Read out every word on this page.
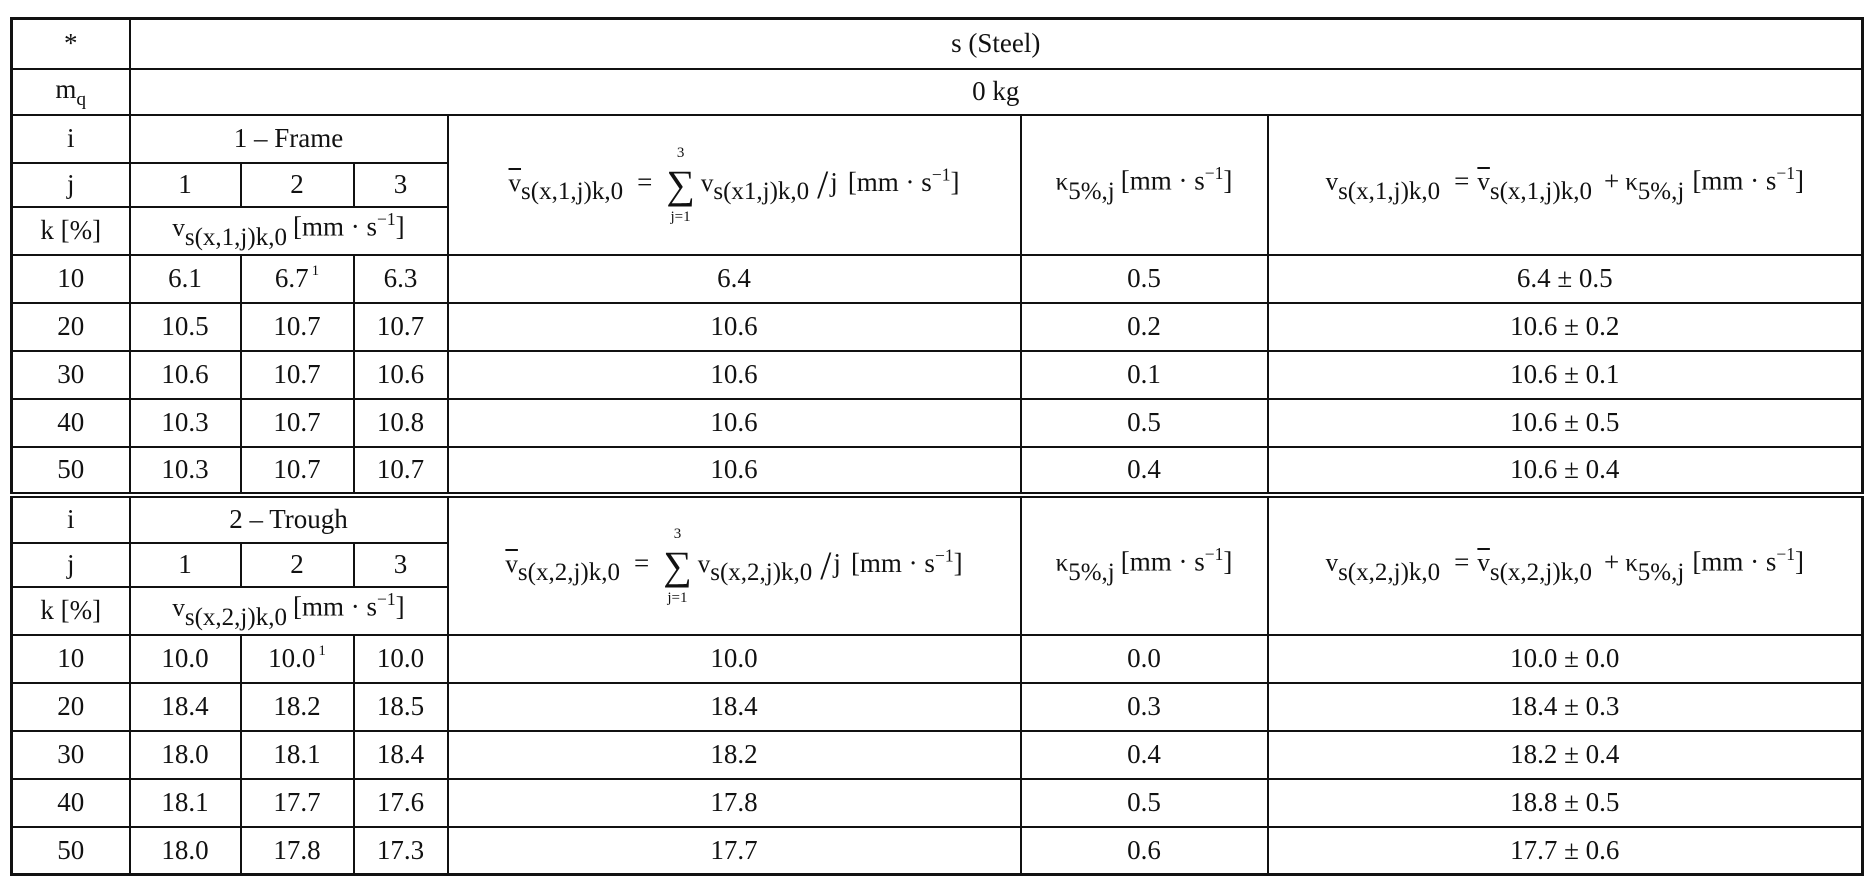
*	s (Steel)					
$m_q$	0 kg					
i	1 – Frame			$\overline{v}_{s(x,1,j)k,0}$ =
3
∑
j=1
$v_{s(x1,j)k,0}$ /j $[mm \cdot s^{-1}]$	$\kappa_{5\%,j}$ $[mm \cdot s^{-1}]$	$v_{s(x,1,j)k,0} = \overline{v}_{s(x,1,j)k,0} + \kappa_{5\%,j}$ $[mm \cdot s^{-1}]$
j	1	2	3			
k [%]	$v_{s(x,1,j)k,0}$ $[mm \cdot s^{-1}]$					
10	6.1	6.7 $^1$	6.3	6.4	0.5	6.4 ± 0.5
20	10.5	10.7	10.7	10.6	0.2	10.6 ± 0.2
30	10.6	10.7	10.6	10.6	0.1	10.6 ± 0.1
40	10.3	10.7	10.8	10.6	0.5	10.6 ± 0.5
50	10.3	10.7	10.7	10.6	0.4	10.6 ± 0.4
i	2 – Trough			$\overline{v}_{s(x,2,j)k,0}$ =
3
∑
j=1
$v_{s(x,2,j)k,0}$ /j $[mm \cdot s^{-1}]$	$\kappa_{5\%,j}$ $[mm \cdot s^{-1}]$	$v_{s(x,2,j)k,0} = \overline{v}_{s(x,2,j)k,0} + \kappa_{5\%,j}$ $[mm \cdot s^{-1}]$
j	1	2	3			
k [%]	$v_{s(x,2,j)k,0}$ $[mm \cdot s^{-1}]$					
10	10.0	10.0 $^1$	10.0	10.0	0.0	10.0 ± 0.0
20	18.4	18.2	18.5	18.4	0.3	18.4 ± 0.3
30	18.0	18.1	18.4	18.2	0.4	18.2 ± 0.4
40	18.1	17.7	17.6	17.8	0.5	18.8 ± 0.5
50	18.0	17.8	17.3	17.7	0.6	17.7 ± 0.6
